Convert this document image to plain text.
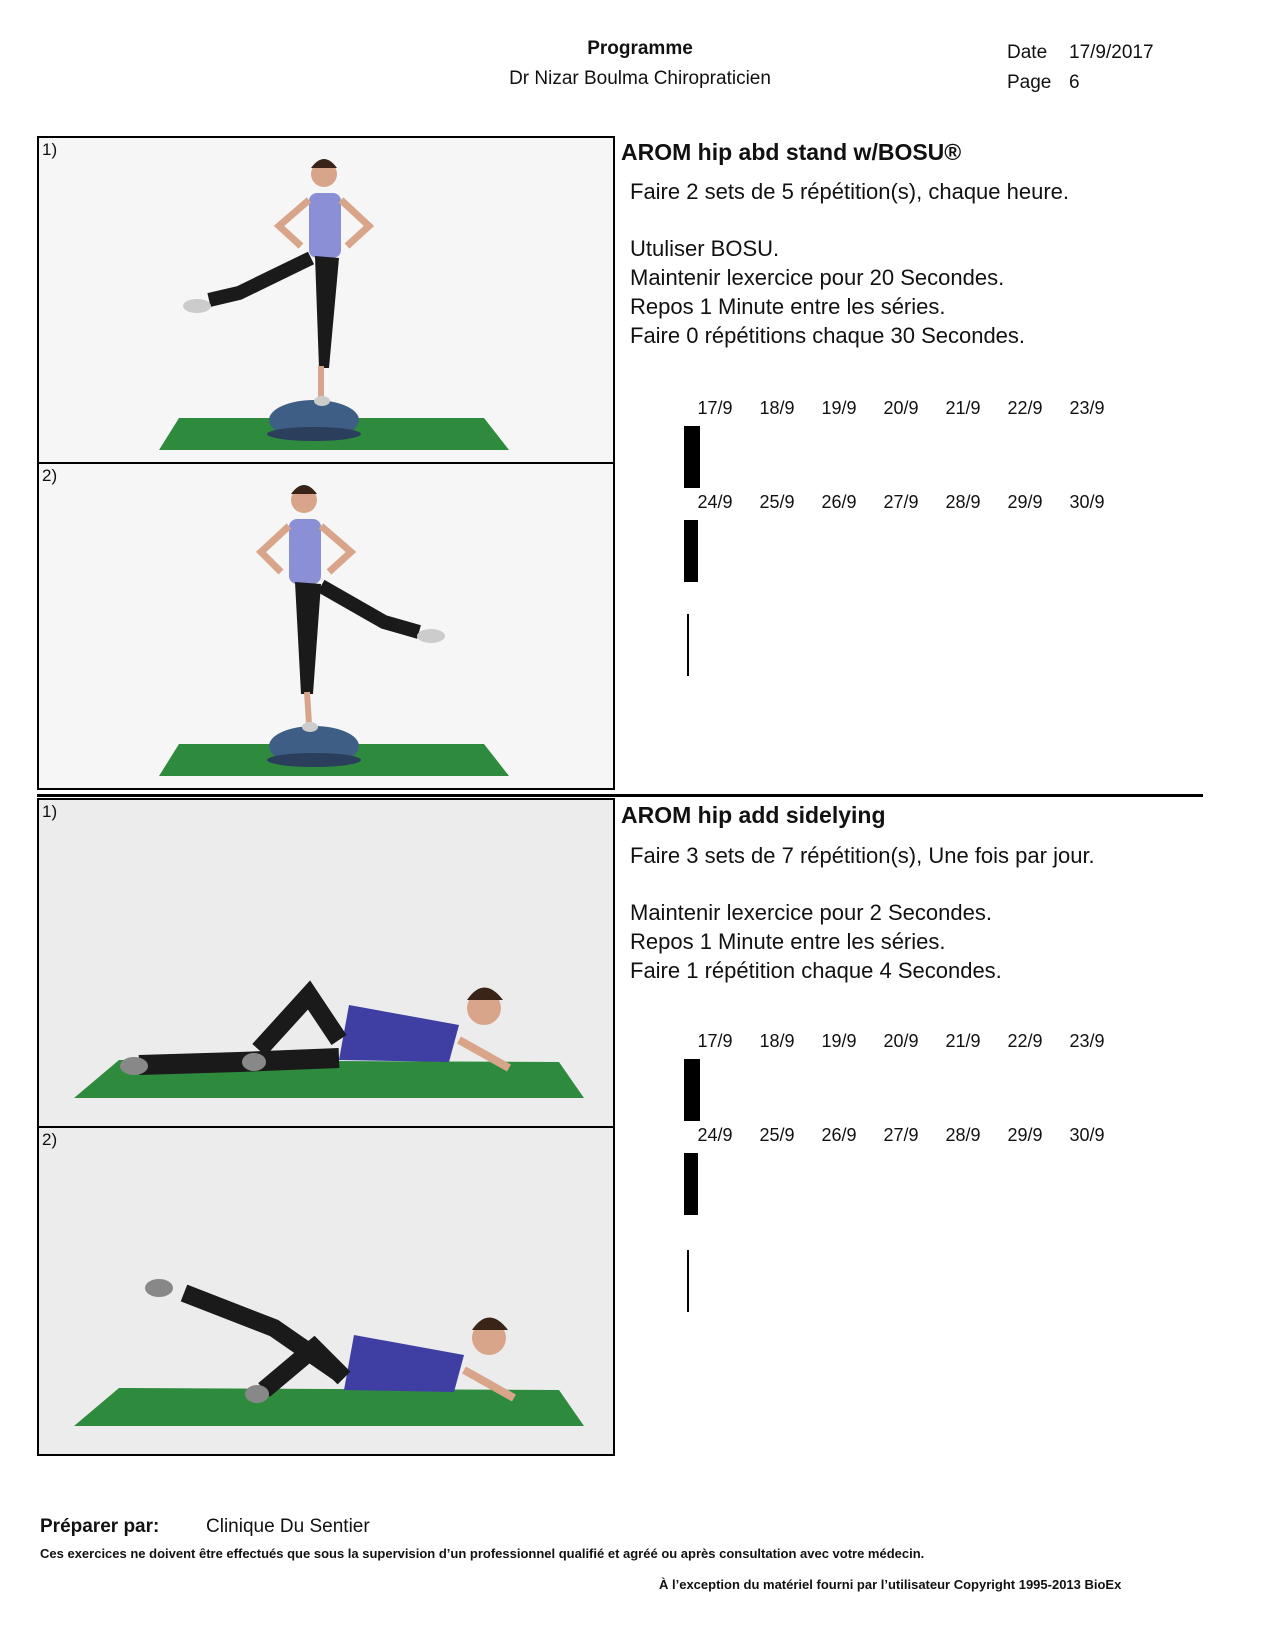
Programme
Dr Nizar Boulma Chiropraticien
Date 17/9/2017
Page 6
1)
2)
AROM hip abd stand w/BOSU®
Faire 2 sets de 5 répétition(s), chaque heure.
Utuliser BOSU.
Maintenir lexercice pour 20 Secondes.
Repos 1 Minute entre les séries.
Faire 0 répétitions chaque 30 Secondes.
17/9	18/9	19/9	20/9	21/9	22/9	23/9

24/9	25/9	26/9	27/9	28/9	29/9	30/9

1)
2)
AROM hip add sidelying
Faire 3 sets de 7 répétition(s), Une fois par jour.
Maintenir lexercice pour 2 Secondes.
Repos 1 Minute entre les séries.
Faire 1 répétition chaque 4 Secondes.
17/9	18/9	19/9	20/9	21/9	22/9	23/9

24/9	25/9	26/9	27/9	28/9	29/9	30/9

Préparer par: Clinique Du Sentier
Ces exercices ne doivent être effectués que sous la supervision d’un professionnel qualifié et agréé ou après consultation avec votre médecin.
À l’exception du matériel fourni par l’utilisateur Copyright 1995-2013 BioEx
